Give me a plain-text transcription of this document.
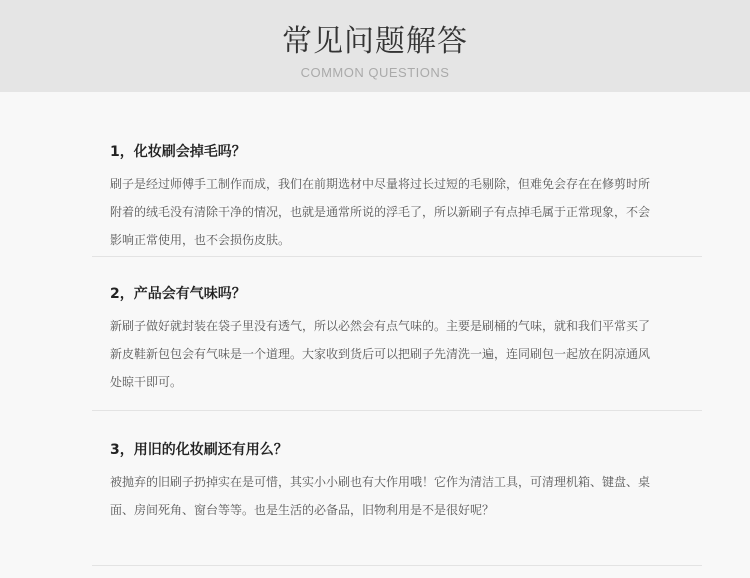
常见问题解答
COMMON QUESTIONS
1，化妆刷会掉毛吗？
刷子是经过师傅手工制作而成，我们在前期选材中尽量将过长过短的毛剔除，但难免会存在在修剪时所附着的绒毛没有清除干净的情况，也就是通常所说的浮毛了，所以新刷子有点掉毛属于正常现象，不会影响正常使用，也不会损伤皮肤。
2，产品会有气味吗？
新刷子做好就封装在袋子里没有透气，所以必然会有点气味的。主要是刷桶的气味，就和我们平常买了新皮鞋新包包会有气味是一个道理。大家收到货后可以把刷子先清洗一遍，连同刷包一起放在阴凉通风处晾干即可。
3，用旧的化妆刷还有用么？
被抛弃的旧刷子扔掉实在是可惜，其实小小刷也有大作用哦！它作为清洁工具，可清理机箱、键盘、桌面、房间死角、窗台等等。也是生活的必备品，旧物利用是不是很好呢？
